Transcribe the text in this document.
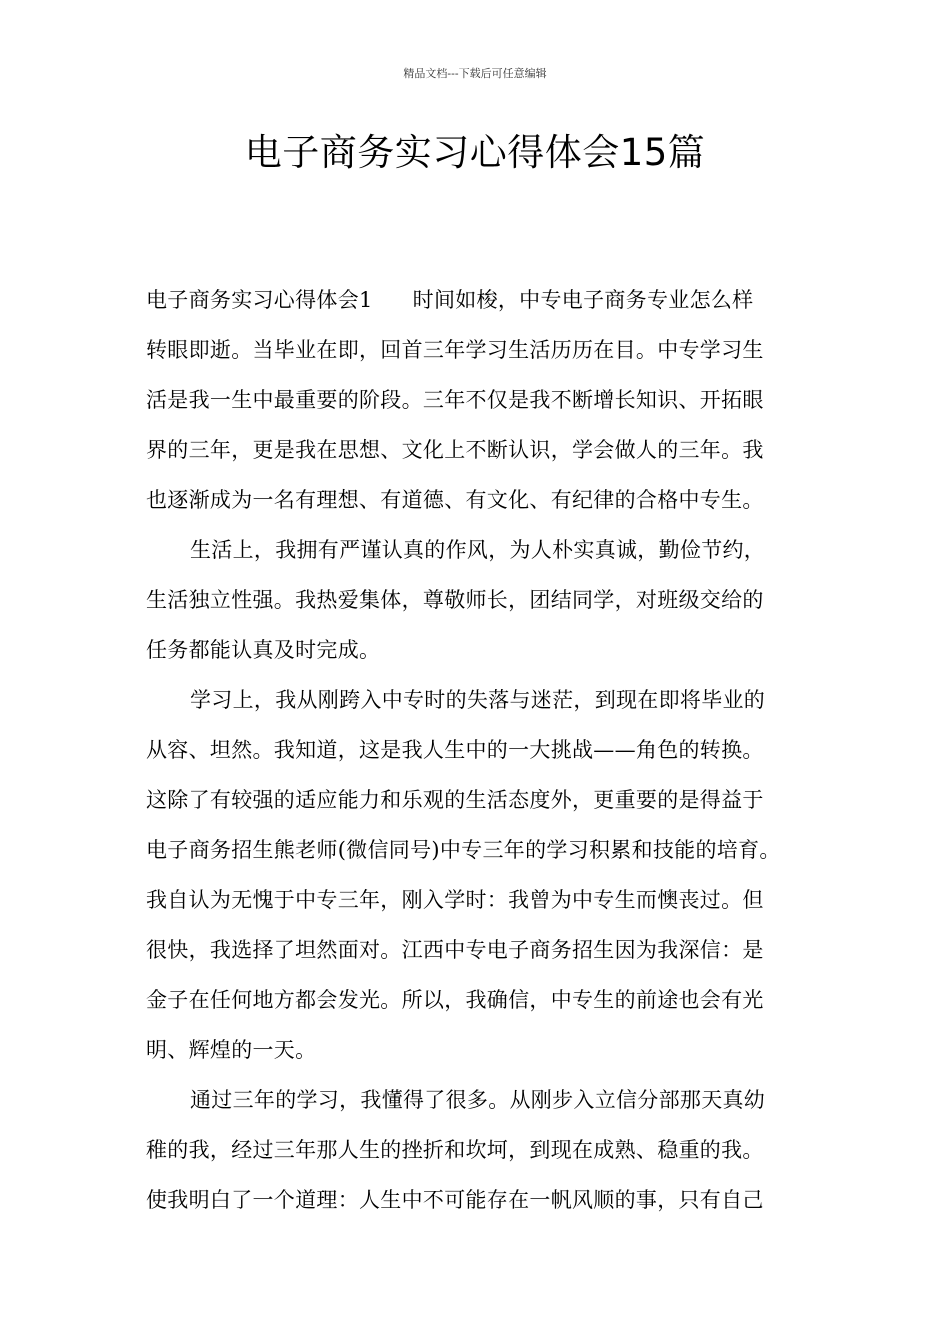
精品文档---下载后可任意编辑
电子商务实习心得体会15篇
电子商务实习心得体会1 时间如梭，中专电子商务专业怎么样
转眼即逝。当毕业在即，回首三年学习生活历历在目。中专学习生
活是我一生中最重要的阶段。三年不仅是我不断增长知识、开拓眼
界的三年，更是我在思想、文化上不断认识，学会做人的三年。我
也逐渐成为一名有理想、有道德、有文化、有纪律的合格中专生。
生活上，我拥有严谨认真的作风，为人朴实真诚，勤俭节约，
生活独立性强。我热爱集体，尊敬师长，团结同学，对班级交给的
任务都能认真及时完成。
学习上，我从刚跨入中专时的失落与迷茫，到现在即将毕业的
从容、坦然。我知道，这是我人生中的一大挑战——角色的转换。
这除了有较强的适应能力和乐观的生活态度外，更重要的是得益于
电子商务招生熊老师(微信同号)中专三年的学习积累和技能的培育。
我自认为无愧于中专三年，刚入学时：我曾为中专生而懊丧过。但
很快，我选择了坦然面对。江西中专电子商务招生因为我深信：是
金子在任何地方都会发光。所以，我确信，中专生的前途也会有光
明、辉煌的一天。
通过三年的学习，我懂得了很多。从刚步入立信分部那天真幼
稚的我，经过三年那人生的挫折和坎坷，到现在成熟、稳重的我。
使我明白了一个道理：人生中不可能存在一帆风顺的事，只有自己
